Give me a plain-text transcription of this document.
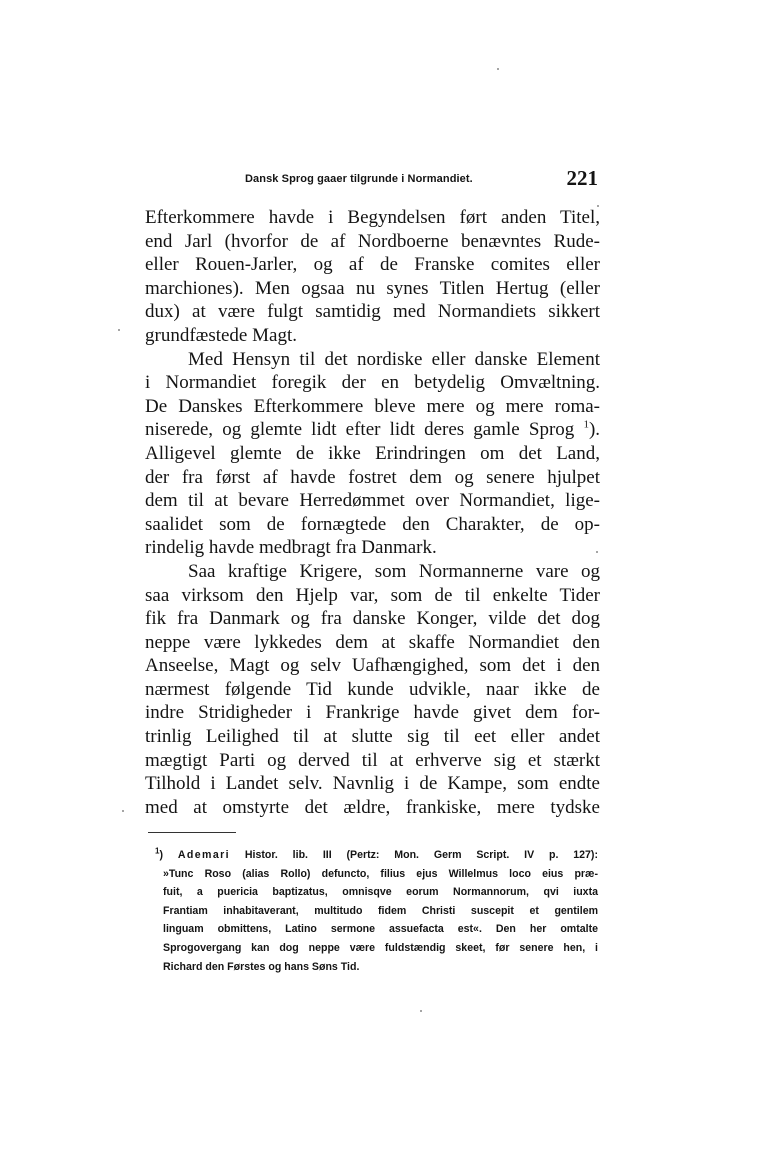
Dansk Sprog gaaer tilgrunde i Normandiet.	221
Efterkommere havde i Begyndelsen ført anden Titel,
end Jarl (hvorfor de af Nordboerne benævntes Rude-
eller Rouen-Jarler, og af de Franske comites eller
marchiones). Men ogsaa nu synes Titlen Hertug (eller
dux) at være fulgt samtidig med Normandiets sikkert
grundfæstede Magt.
Med Hensyn til det nordiske eller danske Element
i Normandiet foregik der en betydelig Omvæltning.
De Danskes Efterkommere bleve mere og mere roma-
niserede, og glemte lidt efter lidt deres gamle Sprog $^1$).
Alligevel glemte de ikke Erindringen om det Land,
der fra først af havde fostret dem og senere hjulpet
dem til at bevare Herredømmet over Normandiet, lige-
saalidet som de fornægtede den Charakter, de op-
rindelig havde medbragt fra Danmark.
Saa kraftige Krigere, som Normannerne vare og
saa virksom den Hjelp var, som de til enkelte Tider
fik fra Danmark og fra danske Konger, vilde det dog
neppe være lykkedes dem at skaffe Normandiet den
Anseelse, Magt og selv Uafhængighed, som det i den
nærmest følgende Tid kunde udvikle, naar ikke de
indre Stridigheder i Frankrige havde givet dem for-
trinlig Leilighed til at slutte sig til eet eller andet
mægtigt Parti og derved til at erhverve sig et stærkt
Tilhold i Landet selv. Navnlig i de Kampe, som endte
med at omstyrte det ældre, frankiske, mere tydske
$^1$) Ademari Histor. lib. III (Pertz: Mon. Germ Script. IV p. 127):
»Tunc Roso (alias Rollo) defuncto, filius ejus Willelmus loco eius præ-
fuit, a puericia baptizatus, omnisqve eorum Normannorum, qvi iuxta
Frantiam inhabitaverant, multitudo fidem Christi suscepit et gentilem
linguam obmittens, Latino sermone assuefacta est«. Den her omtalte
Sprogovergang kan dog neppe være fuldstændig skeet, før senere hen, i
Richard den Førstes og hans Søns Tid.
